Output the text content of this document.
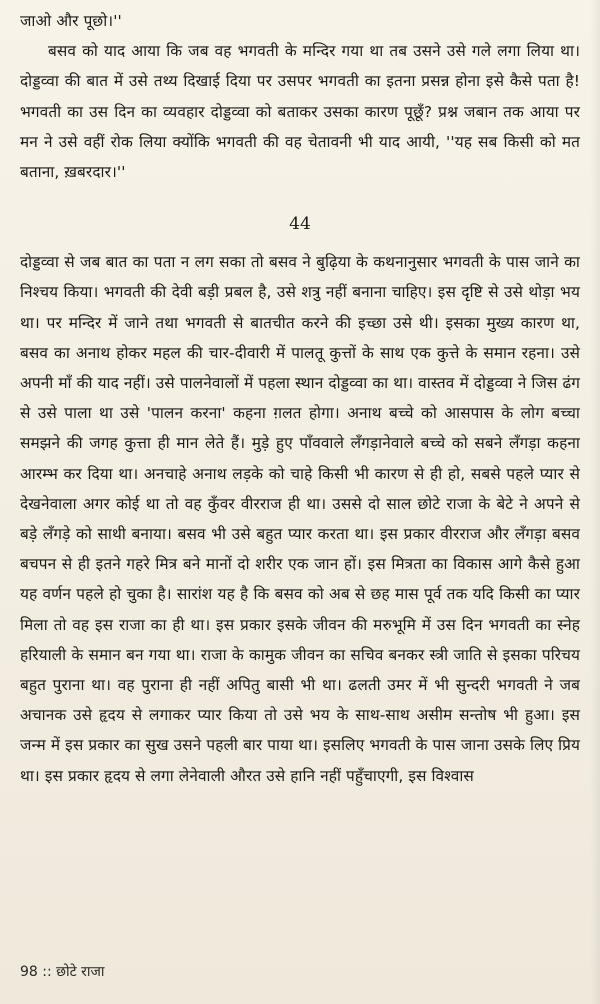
जाओ और पूछो।''

बसव को याद आया कि जब वह भगवती के मन्दिर गया था तब उसने उसे गले लगा लिया था। दोड्डव्वा की बात में उसे तथ्य दिखाई दिया पर उसपर भगवती का इतना प्रसन्न होना इसे कैसे पता है! भगवती का उस दिन का व्यवहार दोड्डव्वा को बताकर उसका कारण पूछूँ? प्रश्न जबान तक आया पर मन ने उसे वहीं रोक लिया क्योंकि भगवती की वह चेतावनी भी याद आयी, ''यह सब किसी को मत बताना, ख़बरदार।''

44

दोड्डव्वा से जब बात का पता न लग सका तो बसव ने बुढ़िया के कथनानुसार भगवती के पास जाने का निश्चय किया। भगवती की देवी बड़ी प्रबल है, उसे शत्रु नहीं बनाना चाहिए। इस दृष्टि से उसे थोड़ा भय था। पर मन्दिर में जाने तथा भगवती से बातचीत करने की इच्छा उसे थी। इसका मुख्य कारण था, बसव का अनाथ होकर महल की चार-दीवारी में पालतू कुत्तों के साथ एक कुत्ते के समान रहना। उसे अपनी माँ की याद नहीं। उसे पालनेवालों में पहला स्थान दोड्डव्वा का था। वास्तव में दोड्डव्वा ने जिस ढंग से उसे पाला था उसे 'पालन करना' कहना ग़लत होगा। अनाथ बच्चे को आसपास के लोग बच्चा समझने की जगह कुत्ता ही मान लेते हैं। मुड़े हुए पाँववाले लँगड़ानेवाले बच्चे को सबने लँगड़ा कहना आरम्भ कर दिया था। अनचाहे अनाथ लड़के को चाहे किसी भी कारण से ही हो, सबसे पहले प्यार से देखनेवाला अगर कोई था तो वह कुँवर वीरराज ही था। उससे दो साल छोटे राजा के बेटे ने अपने से बड़े लँगड़े को साथी बनाया। बसव भी उसे बहुत प्यार करता था। इस प्रकार वीरराज और लँगड़ा बसव बचपन से ही इतने गहरे मित्र बने मानों दो शरीर एक जान हों। इस मित्रता का विकास आगे कैसे हुआ यह वर्णन पहले हो चुका है। सारांश यह है कि बसव को अब से छह मास पूर्व तक यदि किसी का प्यार मिला तो वह इस राजा का ही था। इस प्रकार इसके जीवन की मरुभूमि में उस दिन भगवती का स्नेह हरियाली के समान बन गया था। राजा के कामुक जीवन का सचिव बनकर स्त्री जाति से इसका परिचय बहुत पुराना था। वह पुराना ही नहीं अपितु बासी भी था। ढलती उमर में भी सुन्दरी भगवती ने जब अचानक उसे हृदय से लगाकर प्यार किया तो उसे भय के साथ-साथ असीम सन्तोष भी हुआ। इस जन्म में इस प्रकार का सुख उसने पहली बार पाया था। इसलिए भगवती के पास जाना उसके लिए प्रिय था। इस प्रकार हृदय से लगा लेनेवाली औरत उसे हानि नहीं पहुँचाएगी, इस विश्वास

98 :: छोटे राजा
